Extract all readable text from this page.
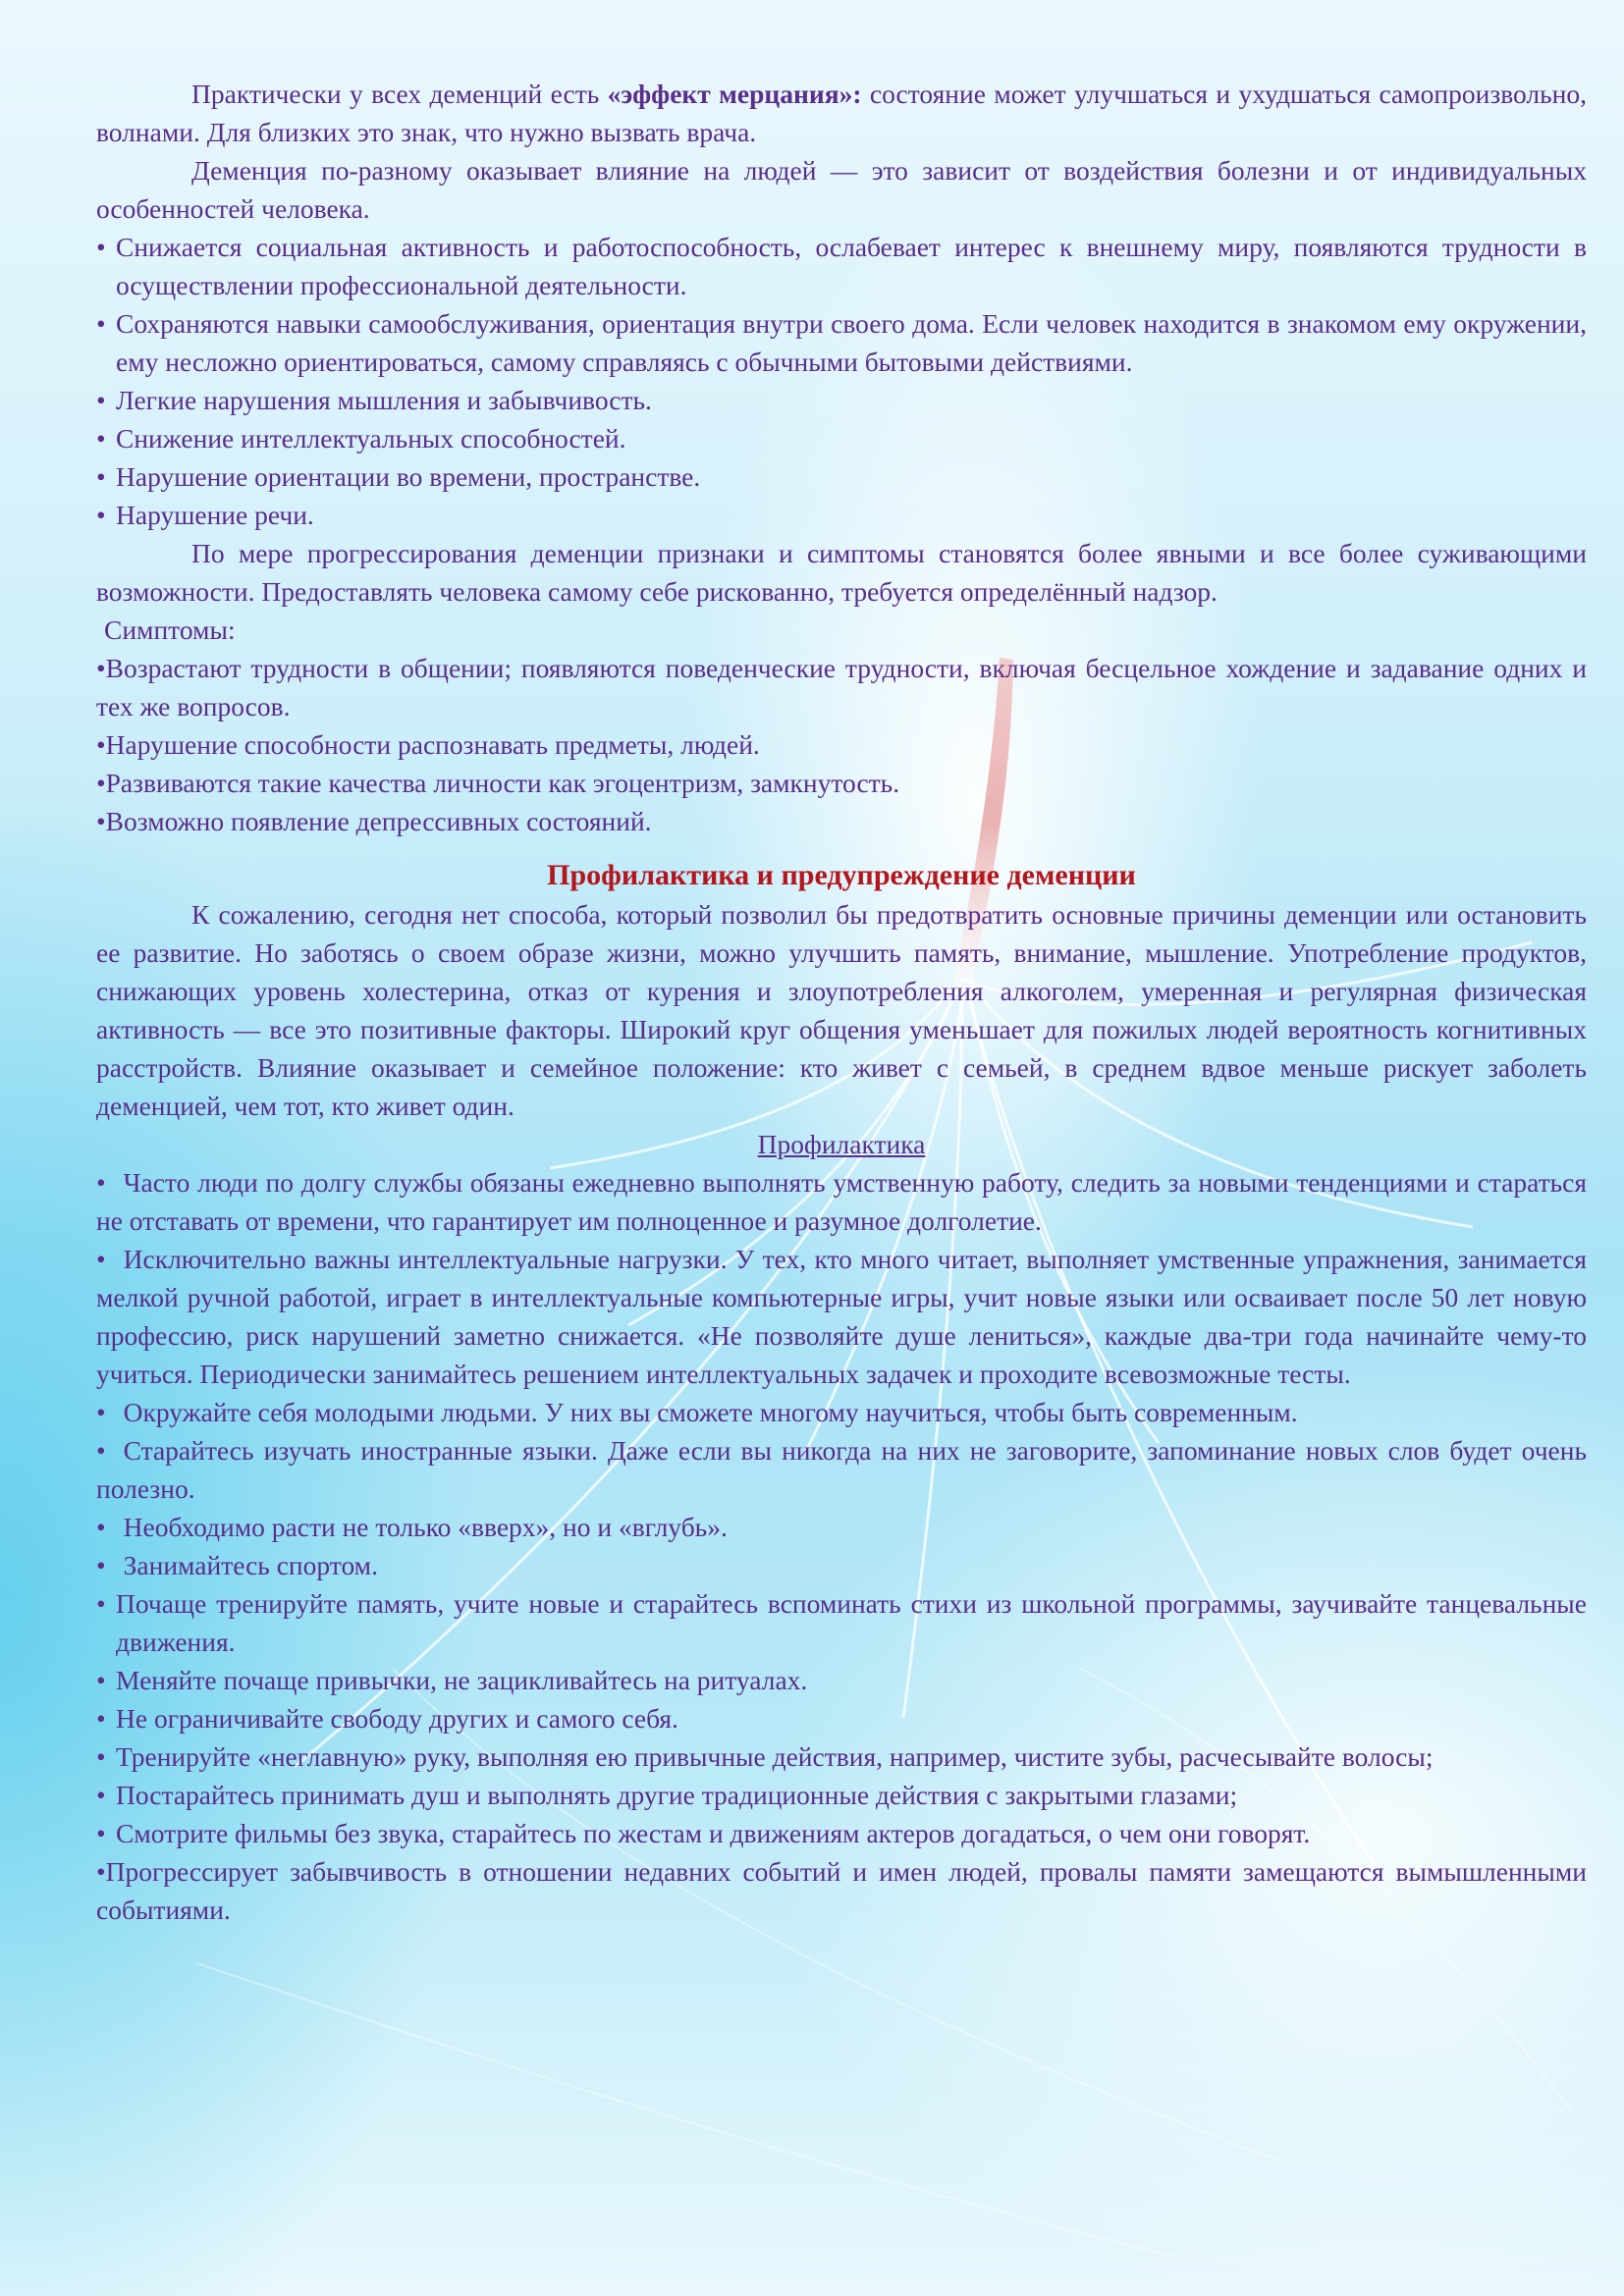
Практически у всех деменций есть «эффект мерцания»: состояние может улучшаться и ухудшаться самопроизвольно, волнами. Для близких это знак, что нужно вызвать врача.

Деменция по-разному оказывает влияние на людей — это зависит от воздействия болезни и от индивидуальных особенностей человека.

• Снижается социальная активность и работоспособность, ослабевает интерес к внешнему миру, появляются трудности в осуществлении профессиональной деятельности.
• Сохраняются навыки самообслуживания, ориентация внутри своего дома. Если человек находится в знакомом ему окружении, ему несложно ориентироваться, самому справляясь с обычными бытовыми действиями.
• Легкие нарушения мышления и забывчивость.
• Снижение интеллектуальных способностей.
• Нарушение ориентации во времени, пространстве.
• Нарушение речи.

По мере прогрессирования деменции признаки и симптомы становятся более явными и все более суживающими возможности. Предоставлять человека самому себе рискованно, требуется определённый надзор.

Симптомы:

•Возрастают трудности в общении; появляются поведенческие трудности, включая бесцельное хождение и задавание одних и тех же вопросов.

•Нарушение способности распознавать предметы, людей.

•Развиваются такие качества личности как эгоцентризм, замкнутость.

•Возможно появление депрессивных состояний.

Профилактика и предупреждение деменции

К сожалению, сегодня нет способа, который позволил бы предотвратить основные причины деменции или остановить ее развитие. Но заботясь о своем образе жизни, можно улучшить память, внимание, мышление. Употребление продуктов, снижающих уровень холестерина, отказ от курения и злоупотребления алкоголем, умеренная и регулярная физическая активность — все это позитивные факторы. Широкий круг общения уменьшает для пожилых людей вероятность когнитивных расстройств. Влияние оказывает и семейное положение: кто живет с семьей, в среднем вдвое меньше рискует заболеть деменцией, чем тот, кто живет один.

Профилактика

• Часто люди по долгу службы обязаны ежедневно выполнять умственную работу, следить за новыми тенденциями и стараться не отставать от времени, что гарантирует им полноценное и разумное долголетие.

• Исключительно важны интеллектуальные нагрузки. У тех, кто много читает, выполняет умственные упражнения, занимается мелкой ручной работой, играет в интеллектуальные компьютерные игры, учит новые языки или осваивает после 50 лет новую профессию, риск нарушений заметно снижается. «Не позволяйте душе лениться», каждые два-три года начинайте чему-то учиться. Периодически занимайтесь решением интеллектуальных задачек и проходите всевозможные тесты.

• Окружайте себя молодыми людьми. У них вы сможете многому научиться, чтобы быть современным.

• Старайтесь изучать иностранные языки. Даже если вы никогда на них не заговорите, запоминание новых слов будет очень полезно.

• Необходимо расти не только «вверх», но и «вглубь».

• Занимайтесь спортом.

• Почаще тренируйте память, учите новые и старайтесь вспоминать стихи из школьной программы, заучивайте танцевальные движения.
• Меняйте почаще привычки, не зацикливайтесь на ритуалах.
• Не ограничивайте свободу других и самого себя.
• Тренируйте «неглавную» руку, выполняя ею привычные действия, например, чистите зубы, расчесывайте волосы;
• Постарайтесь принимать душ и выполнять другие традиционные действия с закрытыми глазами;
• Смотрите фильмы без звука, старайтесь по жестам и движениям актеров догадаться, о чем они говорят.

•Прогрессирует забывчивость в отношении недавних событий и имен людей, провалы памяти замещаются вымышленными событиями.
